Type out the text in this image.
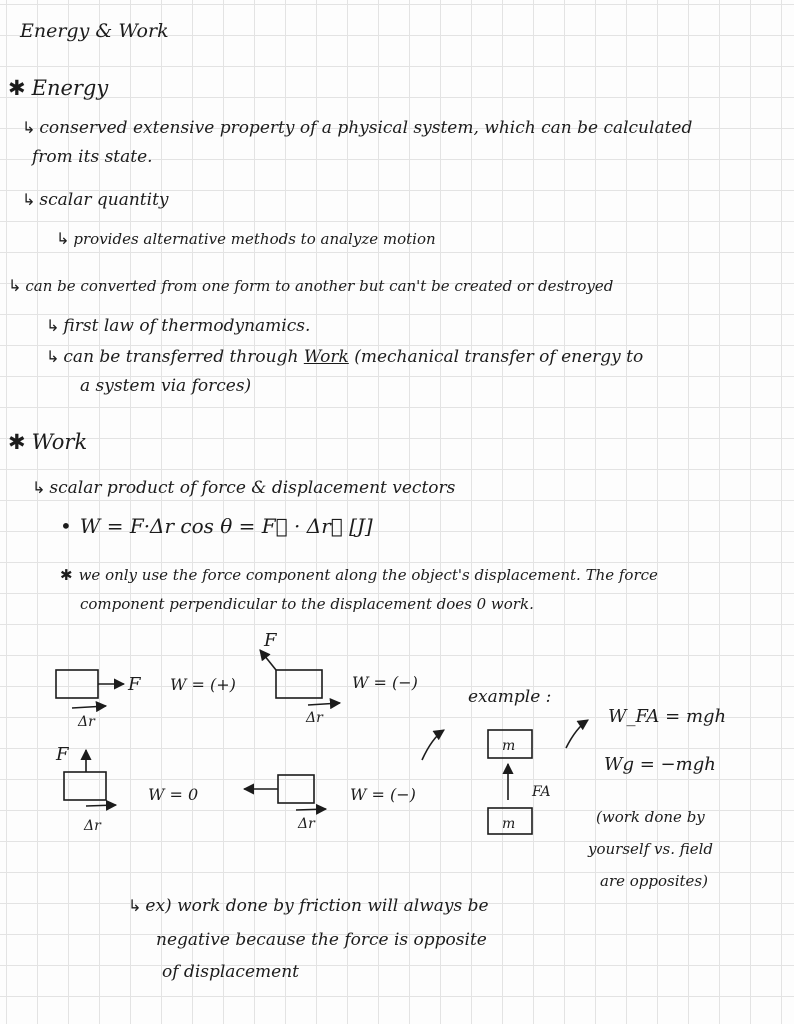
Energy & Work
✱ Energy
↳ conserved extensive property of a physical system, which can be calculated
from its state.
↳ scalar quantity
↳ provides alternative methods to analyze motion
↳ can be converted from one form to another but can't be created or destroyed
↳ first law of thermodynamics.
↳ can be transferred through Work (mechanical transfer of energy to
a system via forces)
✱ Work
↳ scalar product of force & displacement vectors
• W = F·Δr cos θ = F⃗ · Δr⃗ [J]
✱ we only use the force component along the object's displacement. The force
component perpendicular to the displacement does 0 work.
F
Δr
W = (+)
F
Δr
W = (−)
F
Δr
W = 0
Δr
W = (−)
example :
m
m
FA
W_FA = mgh
Wg = −mgh
(work done by
yourself vs. field
are opposites)
↳ ex) work done by friction will always be
negative because the force is opposite
of displacement
